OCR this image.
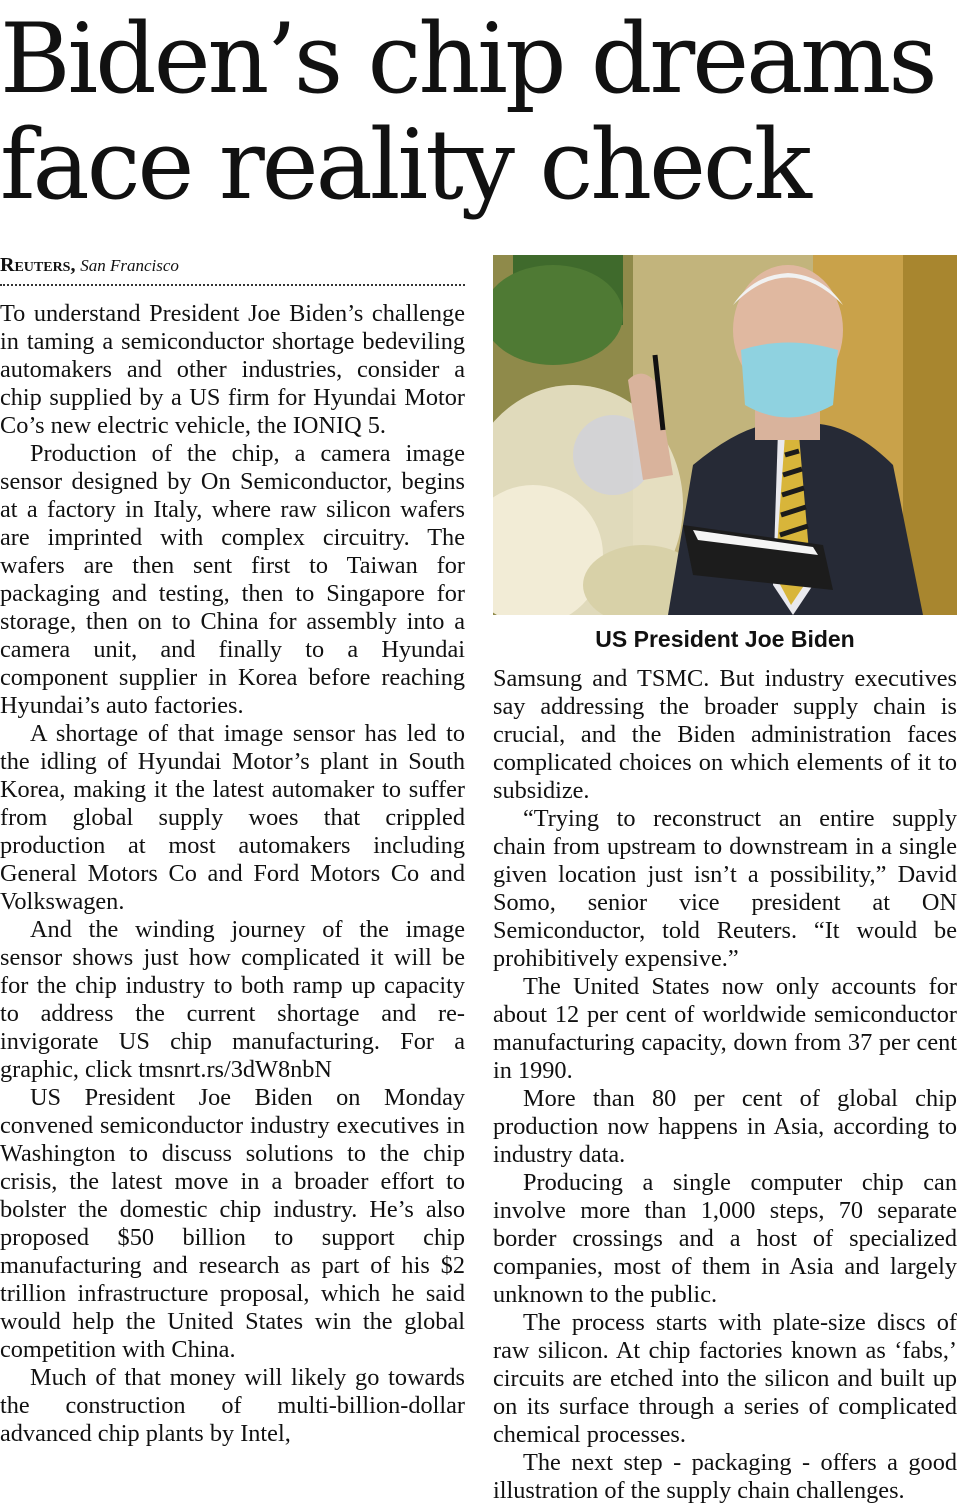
Biden’s chip dreams
face reality check
Reuters, San Francisco

To understand President Joe Biden’s challenge in taming a semiconductor shortage bedeviling automakers and other industries, consider a chip supplied by a US firm for Hyundai Motor Co’s new electric vehicle, the IONIQ 5.

Production of the chip, a camera image sensor designed by On Semiconductor, begins at a factory in Italy, where raw silicon wafers are imprinted with complex circuitry. The wafers are then sent first to Taiwan for packaging and testing, then to Singapore for storage, then on to China for assembly into a camera unit, and finally to a Hyundai component supplier in Korea before reaching Hyundai’s auto factories.

A shortage of that image sensor has led to the idling of Hyundai Motor’s plant in South Korea, making it the latest automaker to suffer from global supply woes that crippled production at most automakers including General Motors Co and Ford Motors Co and Volkswagen.

And the winding journey of the image sensor shows just how complicated it will be for the chip industry to both ramp up capacity to address the current shortage and re-invigorate US chip manufacturing. For a graphic, click tmsnrt.rs/3dW8nbN

US President Joe Biden on Monday convened semiconductor industry executives in Washington to discuss solutions to the chip crisis, the latest move in a broader effort to bolster the domestic chip industry. He’s also proposed $50 billion to support chip manufacturing and research as part of his $2 trillion infrastructure proposal, which he said would help the United States win the global competition with China.

Much of that money will likely go towards the construction of multi-billion-dollar advanced chip plants by Intel,

US President Joe Biden

Samsung and TSMC. But industry executives say addressing the broader supply chain is crucial, and the Biden administration faces complicated choices on which elements of it to subsidize.

“Trying to reconstruct an entire supply chain from upstream to downstream in a single given location just isn’t a possibility,” David Somo, senior vice president at ON Semiconductor, told Reuters. “It would be prohibitively expensive.”

The United States now only accounts for about 12 per cent of worldwide semiconductor manufacturing capacity, down from 37 per cent in 1990.

More than 80 per cent of global chip production now happens in Asia, according to industry data.

Producing a single computer chip can involve more than 1,000 steps, 70 separate border crossings and a host of specialized companies, most of them in Asia and largely unknown to the public.

The process starts with plate-size discs of raw silicon. At chip factories known as ‘fabs,’ circuits are etched into the silicon and built up on its surface through a series of complicated chemical processes.

The next step - packaging - offers a good illustration of the supply chain challenges.
